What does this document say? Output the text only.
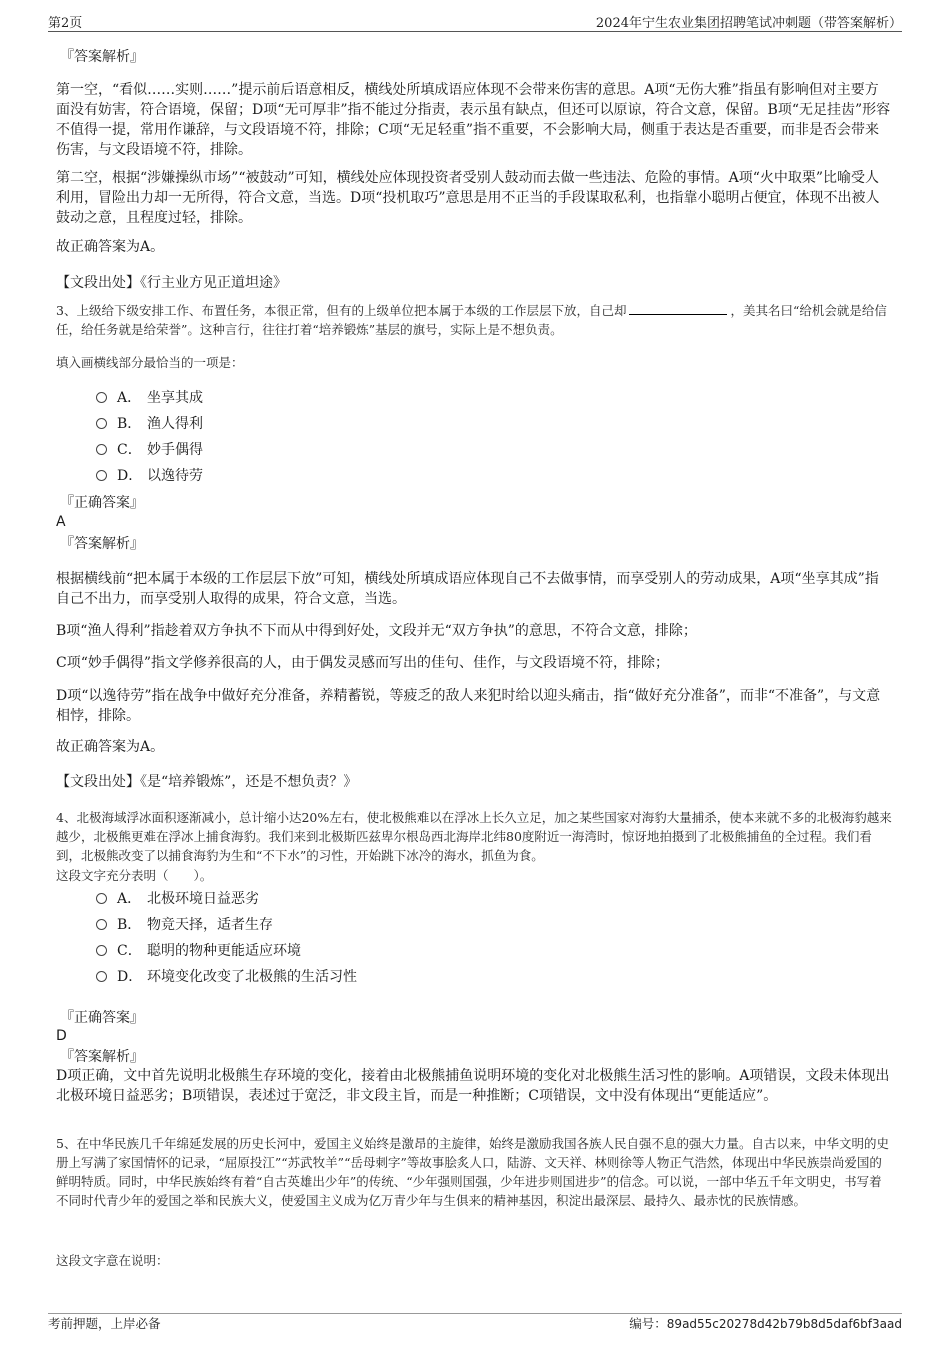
第2页	2024年宁生农业集团招聘笔试冲刺题（带答案解析）
『答案解析』
第一空，“看似……实则……”提示前后语意相反，横线处所填成语应体现不会带来伤害的意思。A项“无伤大雅”指虽有影响但对主要方面没有妨害，符合语境，保留；D项“无可厚非”指不能过分指责，表示虽有缺点，但还可以原谅，符合文意，保留。B项“无足挂齿”形容不值得一提，常用作谦辞，与文段语境不符，排除；C项“无足轻重”指不重要，不会影响大局，侧重于表达是否重要，而非是否会带来伤害，与文段语境不符，排除。
第二空，根据“涉嫌操纵市场”“被鼓动”可知，横线处应体现投资者受别人鼓动而去做一些违法、危险的事情。A项“火中取栗”比喻受人利用，冒险出力却一无所得，符合文意，当选。D项“投机取巧”意思是用不正当的手段谋取私利，也指靠小聪明占便宜，体现不出被人鼓动之意，且程度过轻，排除。
故正确答案为A。
【文段出处】《行主业方见正道坦途》
3、上级给下级安排工作、布置任务，本很正常，但有的上级单位把本属于本级的工作层层下放，自己却	，美其名曰“给机会就是给信任，给任务就是给荣誉”。这种言行，往往打着“培养锻炼”基层的旗号，实际上是不想负责。
填入画横线部分最恰当的一项是：
A． 坐享其成
B． 渔人得利
C． 妙手偶得
D． 以逸待劳
『正确答案』
A
『答案解析』
根据横线前“把本属于本级的工作层层下放”可知，横线处所填成语应体现自己不去做事情，而享受别人的劳动成果，A项“坐享其成”指自己不出力，而享受别人取得的成果，符合文意，当选。
B项“渔人得利”指趁着双方争执不下而从中得到好处，文段并无“双方争执”的意思，不符合文意，排除；
C项“妙手偶得”指文学修养很高的人，由于偶发灵感而写出的佳句、佳作，与文段语境不符，排除；
D项“以逸待劳”指在战争中做好充分准备，养精蓄锐，等疲乏的敌人来犯时给以迎头痛击，指“做好充分准备”，而非“不准备”，与文意相悖，排除。
故正确答案为A。
【文段出处】《是“培养锻炼”，还是不想负责？》
4、北极海域浮冰面积逐渐减小，总计缩小达20%左右，使北极熊难以在浮冰上长久立足，加之某些国家对海豹大量捕杀，使本来就不多的北极海豹越来越少，北极熊更难在浮冰上捕食海豹。我们来到北极斯匹兹卑尔根岛西北海岸北纬80度附近一海湾时，惊讶地拍摄到了北极熊捕鱼的全过程。我们看到，北极熊改变了以捕食海豹为生和“不下水”的习性，开始跳下冰冷的海水，抓鱼为食。
这段文字充分表明（　　）。
A． 北极环境日益恶劣
B． 物竞天择，适者生存
C． 聪明的物种更能适应环境
D． 环境变化改变了北极熊的生活习性
『正确答案』
D
『答案解析』
D项正确，文中首先说明北极熊生存环境的变化，接着由北极熊捕鱼说明环境的变化对北极熊生活习性的影响。A项错误，文段未体现出北极环境日益恶劣；B项错误，表述过于宽泛，非文段主旨，而是一种推断；C项错误，文中没有体现出“更能适应”。
5、在中华民族几千年绵延发展的历史长河中，爱国主义始终是激昂的主旋律，始终是激励我国各族人民自强不息的强大力量。自古以来，中华文明的史册上写满了家国情怀的记录，“屈原投江”“苏武牧羊”“岳母刺字”等故事脍炙人口，陆游、文天祥、林则徐等人物正气浩然，体现出中华民族崇尚爱国的鲜明特质。同时，中华民族始终有着“自古英雄出少年”的传统、“少年强则国强，少年进步则国进步”的信念。可以说，一部中华五千年文明史，书写着不同时代青少年的爱国之举和民族大义，使爱国主义成为亿万青少年与生俱来的精神基因，积淀出最深层、最持久、最赤忱的民族情感。
这段文字意在说明：
考前押题，上岸必备	编号：89ad55c20278d42b79b8d5daf6bf3aad
